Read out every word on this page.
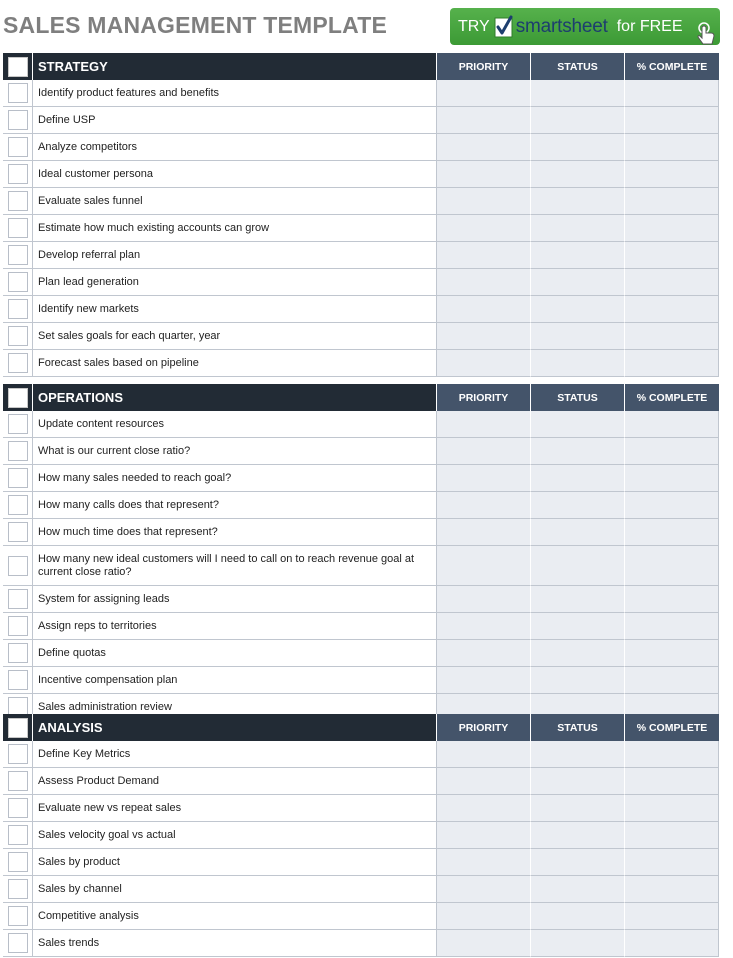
SALES MANAGEMENT TEMPLATE	TRY smartsheet for FREE
STRATEGY	PRIORITY	STATUS	% COMPLETE
Identify product features and benefits
Define USP
Analyze competitors
Ideal customer persona
Evaluate sales funnel
Estimate how much existing accounts can grow
Develop referral plan
Plan lead generation
Identify new markets
Set sales goals for each quarter, year
Forecast sales based on pipeline
OPERATIONS	PRIORITY	STATUS	% COMPLETE
Update content resources
What is our current close ratio?
How many sales needed to reach goal?
How many calls does that represent?
How much time does that represent?
How many new ideal customers will I need to call on to reach revenue goal at current close ratio?
System for assigning leads
Assign reps to territories
Define quotas
Incentive compensation plan
Sales administration review
ANALYSIS	PRIORITY	STATUS	% COMPLETE
Define Key Metrics
Assess Product Demand
Evaluate new vs repeat sales
Sales velocity goal vs actual
Sales by product
Sales by channel
Competitive analysis
Sales trends
